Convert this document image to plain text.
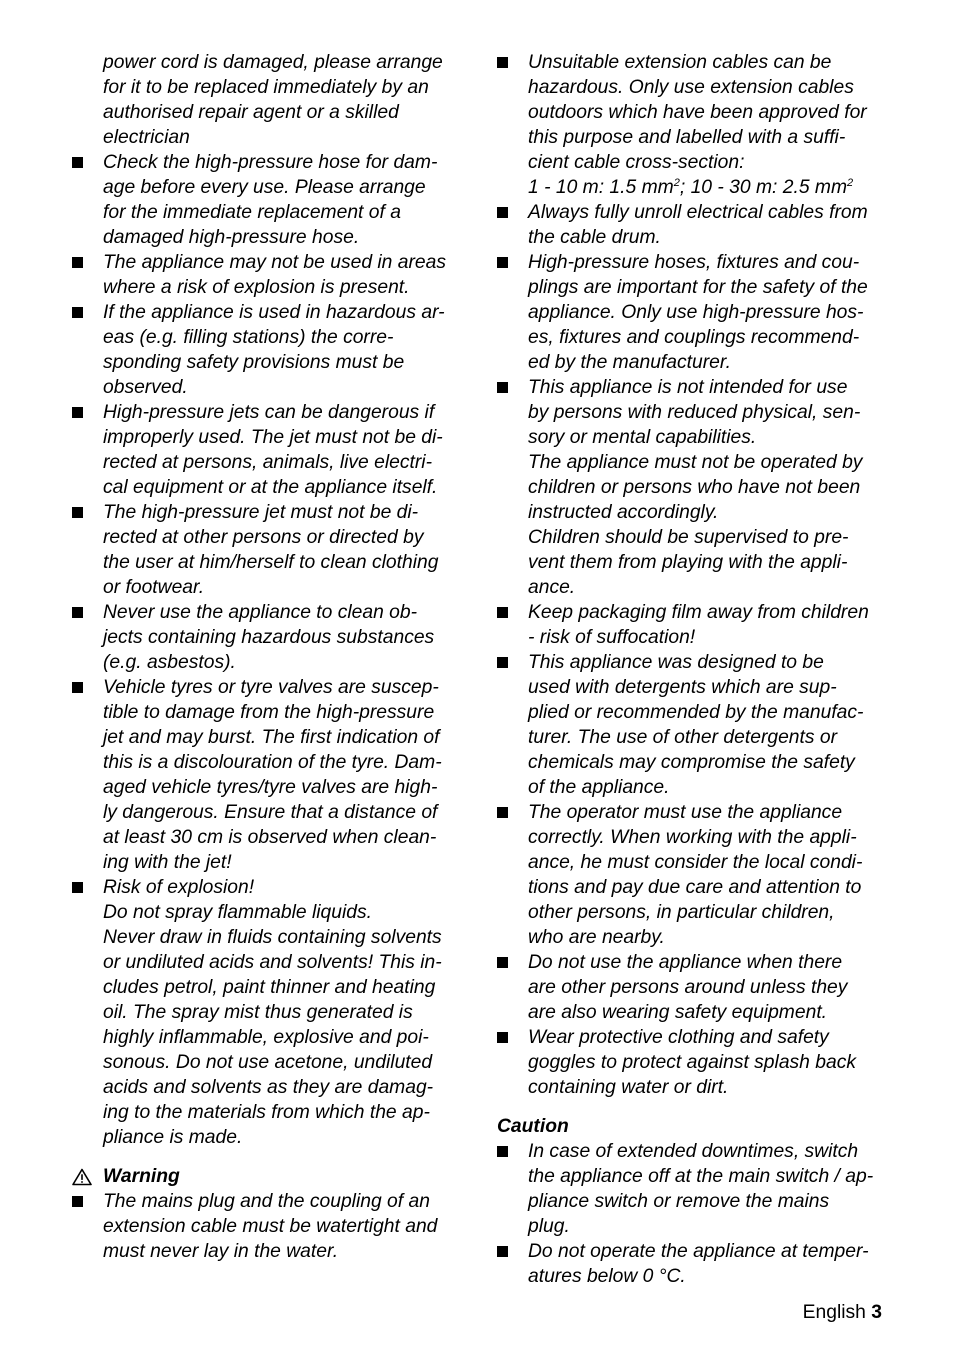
power cord is damaged, please arrange
for it to be replaced immediately by an
authorised repair agent or a skilled
electrician
Check the high-pressure hose for dam-
age before every use. Please arrange
for the immediate replacement of a
damaged high-pressure hose.
The appliance may not be used in areas
where a risk of explosion is present.
If the appliance is used in hazardous ar-
eas (e.g. filling stations) the corre-
sponding safety provisions must be
observed.
High-pressure jets can be dangerous if
improperly used. The jet must not be di-
rected at persons, animals, live electri-
cal equipment or at the appliance itself.
The high-pressure jet must not be di-
rected at other persons or directed by
the user at him/herself to clean clothing
or footwear.
Never use the appliance to clean ob-
jects containing hazardous substances
(e.g. asbestos).
Vehicle tyres or tyre valves are suscep-
tible to damage from the high-pressure
jet and may burst. The first indication of
this is a discolouration of the tyre. Dam-
aged vehicle tyres/tyre valves are high-
ly dangerous. Ensure that a distance of
at least 30 cm is observed when clean-
ing with the jet!
Risk of explosion!
Do not spray flammable liquids.
Never draw in fluids containing solvents
or undiluted acids and solvents! This in-
cludes petrol, paint thinner and heating
oil. The spray mist thus generated is
highly inflammable, explosive and poi-
sonous. Do not use acetone, undiluted
acids and solvents as they are damag-
ing to the materials from which the ap-
pliance is made.
Warning
The mains plug and the coupling of an
extension cable must be watertight and
must never lay in the water.
Unsuitable extension cables can be
hazardous. Only use extension cables
outdoors which have been approved for
this purpose and labelled with a suffi-
cient cable cross-section:
1 - 10 m: 1.5 $mm^2$; 10 - 30 m: 2.5 $mm^2$
Always fully unroll electrical cables from
the cable drum.
High-pressure hoses, fixtures and cou-
plings are important for the safety of the
appliance. Only use high-pressure hos-
es, fixtures and couplings recommend-
ed by the manufacturer.
This appliance is not intended for use
by persons with reduced physical, sen-
sory or mental capabilities.
The appliance must not be operated by
children or persons who have not been
instructed accordingly.
Children should be supervised to pre-
vent them from playing with the appli-
ance.
Keep packaging film away from children
- risk of suffocation!
This appliance was designed to be
used with detergents which are sup-
plied or recommended by the manufac-
turer. The use of other detergents or
chemicals may compromise the safety
of the appliance.
The operator must use the appliance
correctly. When working with the appli-
ance, he must consider the local condi-
tions and pay due care and attention to
other persons, in particular children,
who are nearby.
Do not use the appliance when there
are other persons around unless they
are also wearing safety equipment.
Wear protective clothing and safety
goggles to protect against splash back
containing water or dirt.
Caution
In case of extended downtimes, switch
the appliance off at the main switch / ap-
pliance switch or remove the mains
plug.
Do not operate the appliance at temper-
atures below 0 °C.
English 3
